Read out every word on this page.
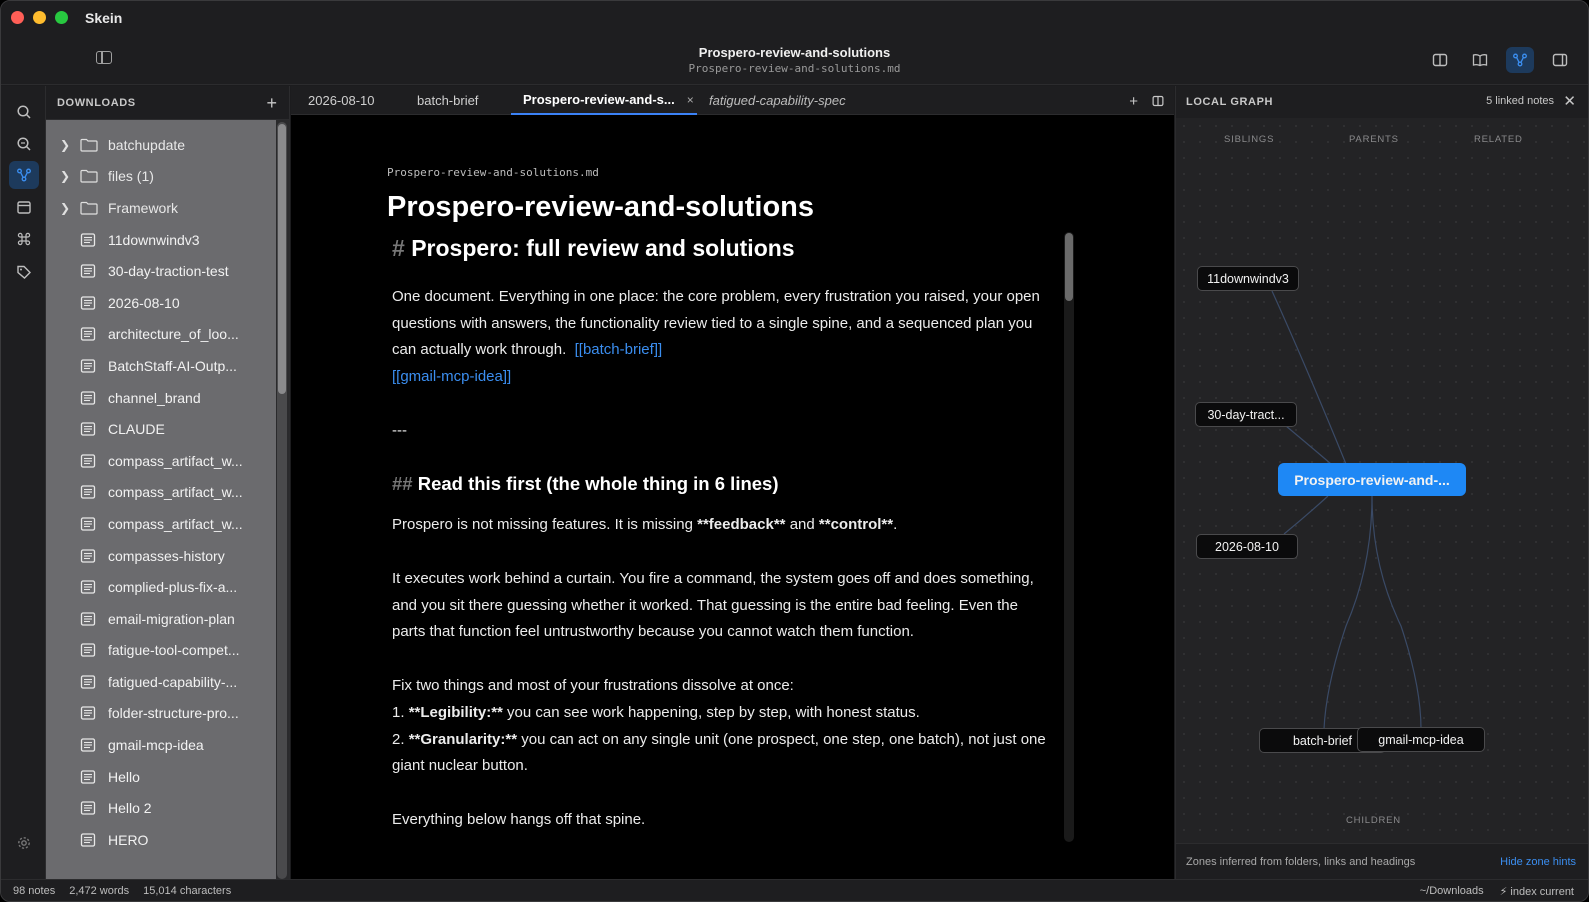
Skein
Prospero-review-and-solutions
Prospero-review-and-solutions.md
DOWNLOADS	+
❯	batchupdate
❯	files (1)
❯	Framework
11downwindv3
30-day-traction-test
2026-08-10
architecture_of_loo...
BatchStaff-AI-Outp...
channel_brand
CLAUDE
compass_artifact_w...
compass_artifact_w...
compass_artifact_w...
compasses-history
complied-plus-fix-a...
email-migration-plan
fatigue-tool-compet...
fatigued-capability-...
folder-structure-pro...
gmail-mcp-idea
Hello
Hello 2
HERO
2026-08-10	batch-brief	Prospero-review-and-s... × fatigued-capability-spec	+
Prospero-review-and-solutions.md
Prospero-review-and-solutions
# Prospero: full review and solutions

One document. Everything in one place: the core problem, every frustration you raised, your open questions with answers, the functionality review tied to a single spine, and a sequenced plan you can actually work through. [[batch-brief]]
[[gmail-mcp-idea]]

---

## Read this first (the whole thing in 6 lines)

Prospero is not missing features. It is missing **feedback** and **control**.

It executes work behind a curtain. You fire a command, the system goes off and does something, and you sit there guessing whether it worked. That guessing is the entire bad feeling. Even the parts that function feel untrustworthy because you cannot watch them function.

Fix two things and most of your frustrations dissolve at once:
1. **Legibility:** you can see work happening, step by step, with honest status.
2. **Granularity:** you can act on any single unit (one prospect, one step, one batch), not just one giant nuclear button.

Everything below hangs off that spine.

LOCAL GRAPH	5 linked notes ✕
SIBLINGS	PARENTS	RELATED
CHILDREN
11downwindv3
30-day-tract...
Prospero-review-and-...
2026-08-10
batch-brief	gmail-mcp-idea
Zones inferred from folders, links and headings	Hide zone hints
98 notes 2,472 words 15,014 characters	~/Downloads ⚡ index current
